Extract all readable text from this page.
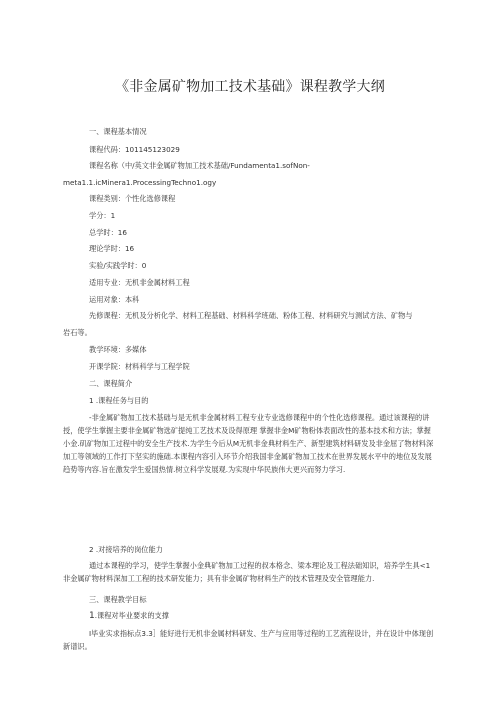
《非金属矿物加工技术基础》课程教学大纲
一、课程基本情况
课程代码：101145123029
课程名称（中/英文非金属矿物加工技术基础/Fundamenta1.sofNon-
meta1.1.icMinera1.ProcessingTechno1.ogy
课程类别：个性化选修课程
学分：1
总学时：16
理论学时：16
实验/实践学时：0
适用专业：无机非金属材料工程
运用对象：本科
先修课程：无机及分析化学、材料工程基础、材料科学班础、粉体工程、材料研究与测试方法、矿物与
岩石等。
教学环境：多媒体
开课学院：材料科学与工程学院
二、课程简介
1 .课程任务与目的
-非金属矿物加工技术基础与是无机非金属材料工程专业专业选修课程中的个性化选修课程。通过该课程的讲授，使学生掌握主要非金属矿物选矿提纯工艺技术及设得原理 掌握非金M矿物粉体表面改性的基本技术和方法；掌握小金.矶矿物加工过程中的安全生产技术.为学生今后从M无机非金典材料生产、新型建筑材料研发及非金屈了物材料深加工等领域的工作打下坚实的施础.本课程内容引入环节介绍我国非金属矿物加工技术在世界发展水平中的地位及发展趋势等内容.旨在激发学生爱国热情.树立科学发展观.为实现中华民族伟大更兴而努力学习.
2 .对接培养的岗位能力
通过本课程的学习，使学生掌握小金典矿物加工过程的叔本格念、梁本理论及工程法础知识，培养学生具<1非金属矿物材料深加工工程的技术研发能力；具有非金属矿物材料生产的技术管理及安全管理能力.
三、课程教学目标
1.课程对毕业要求的支撑
I毕业实求指标点3.3］能好进行无机非金属材料研发、生产与应用等过程的工艺流程设计，并在设计中体现创新谱识。
